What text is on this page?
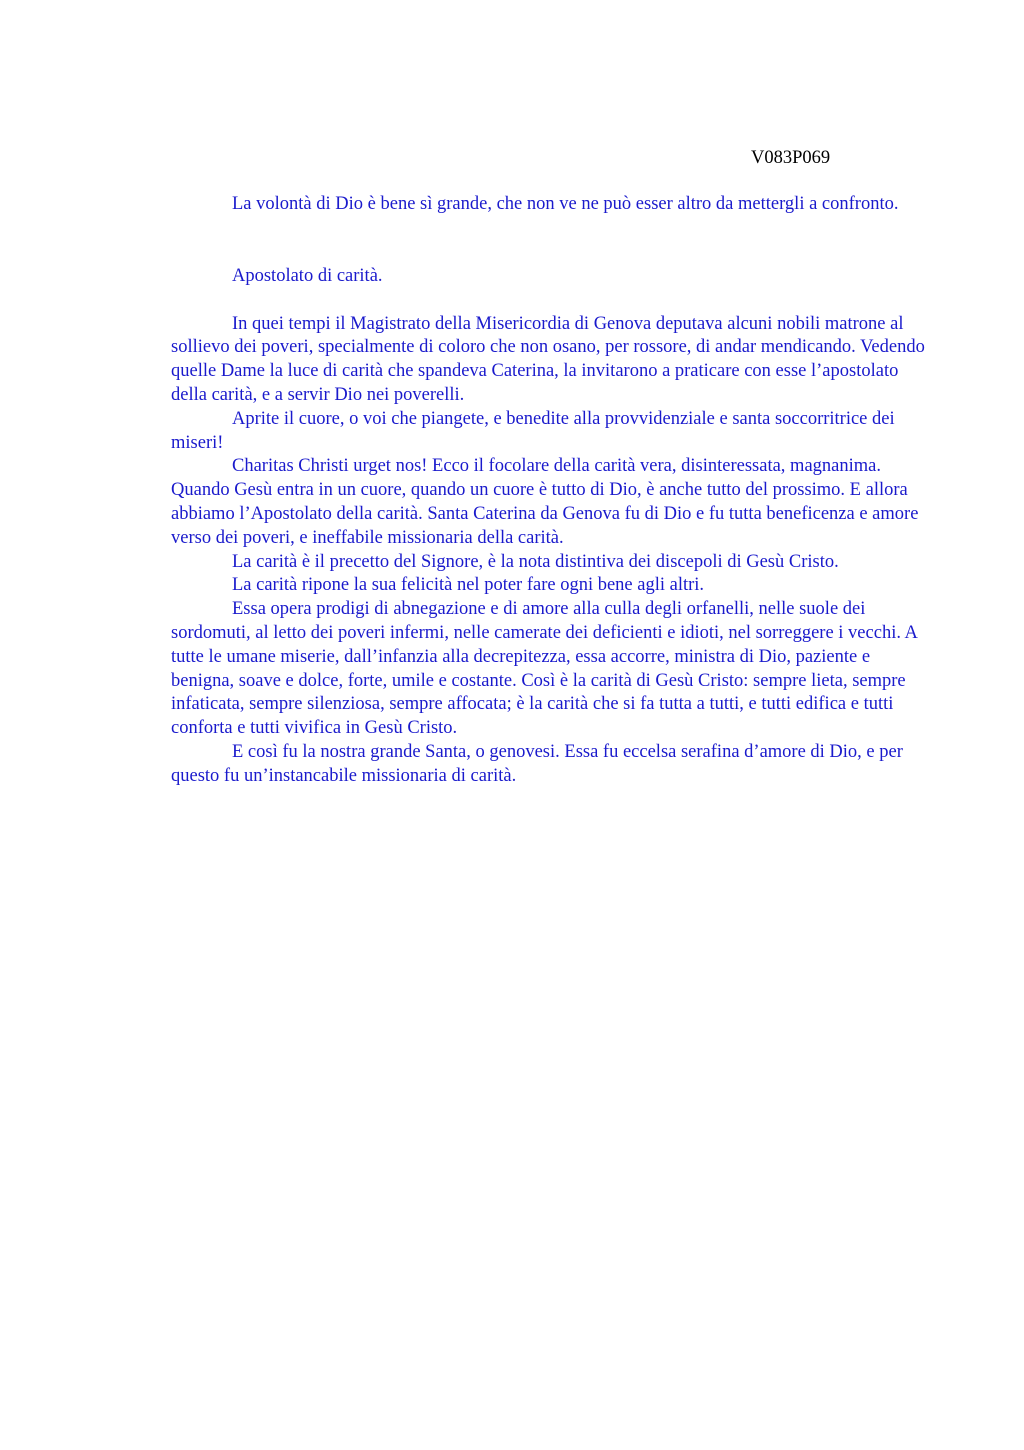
V083P069

La volontà di Dio è bene sì grande, che non ve ne può esser altro da mettergli a confronto.

Apostolato di carità.

In quei tempi il Magistrato della Misericordia di Genova deputava alcuni nobili matrone al sollievo dei poveri, specialmente di coloro che non osano, per rossore, di andar mendicando. Vedendo quelle Dame la luce di carità che spandeva Caterina, la invitarono a praticare con esse l’apostolato della carità, e a servir Dio nei poverelli.

Aprite il cuore, o voi che piangete, e benedite alla provvidenziale e santa soccorritrice dei miseri!

Charitas Christi urget nos! Ecco il focolare della carità vera, disinteressata, magnanima. Quando Gesù entra in un cuore, quando un cuore è tutto di Dio, è anche tutto del prossimo. E allora abbiamo l’Apostolato della carità. Santa Caterina da Genova fu di Dio e fu tutta beneficenza e amore verso dei poveri, e ineffabile missionaria della carità.

La carità è il precetto del Signore, è la nota distintiva dei discepoli di Gesù Cristo.

La carità ripone la sua felicità nel poter fare ogni bene agli altri.

Essa opera prodigi di abnegazione e di amore alla culla degli orfanelli, nelle suole dei sordomuti, al letto dei poveri infermi, nelle camerate dei deficienti e idioti, nel sorreggere i vecchi. A tutte le umane miserie, dall’infanzia alla decrepitezza, essa accorre, ministra di Dio, paziente e benigna, soave e dolce, forte, umile e costante. Così è la carità di Gesù Cristo: sempre lieta, sempre infaticata, sempre silenziosa, sempre affocata; è la carità che si fa tutta a tutti, e tutti edifica e tutti conforta e tutti vivifica in Gesù Cristo.

E così fu la nostra grande Santa, o genovesi. Essa fu eccelsa serafina d’amore di Dio, e per questo fu un’instancabile missionaria di carità.
